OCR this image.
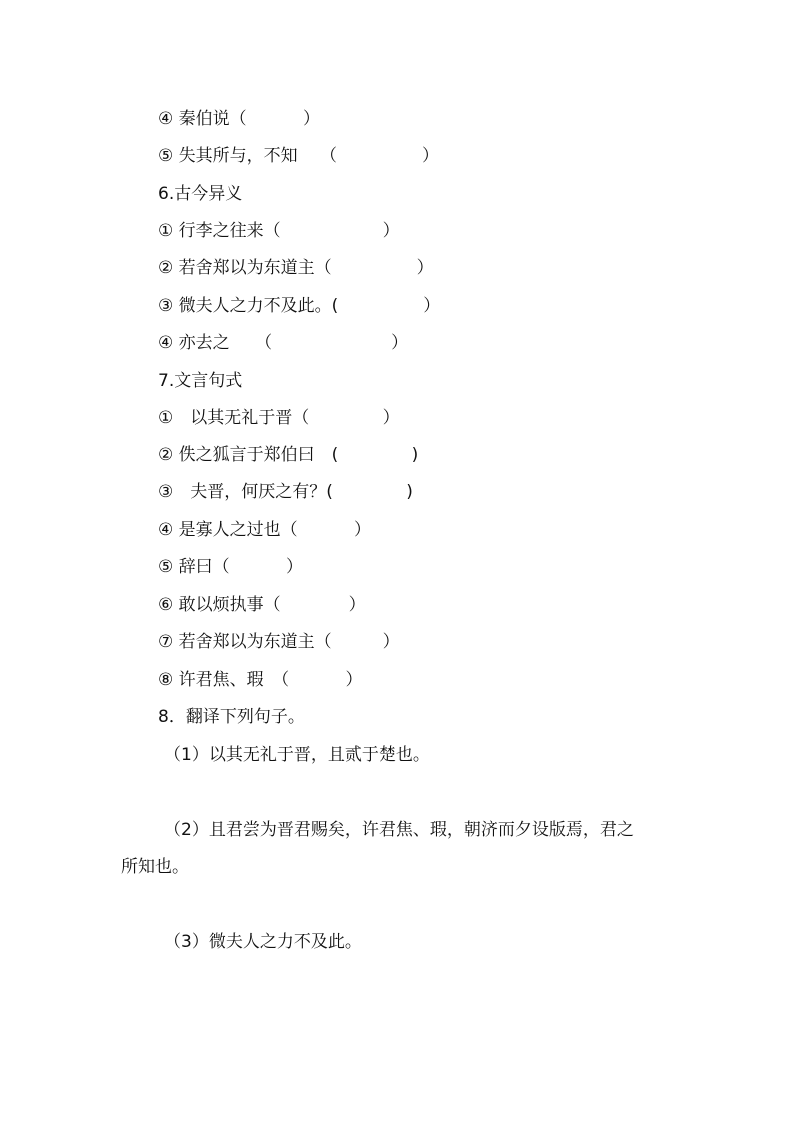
④ 秦伯说（　　　 ）
⑤ 失其所与，不知　 （　　　　　）
6.古今异义
① 行李之往来（　　　　　　）
② 若舍郑以为东道主（　　　　　）
③ 微夫人之力不及此。(　　　　　）
④ 亦去之　　（　　　　　　　）
7.文言句式
①　以其无礼于晋（　　　　 ）
② 佚之狐言于郑伯曰　(　　　　 )
③　夫晋，何厌之有？(　　　　 )
④ 是寡人之过也（　　　 ）
⑤ 辞曰（　　　 ）
⑥ 敢以烦执事（　　　　）
⑦ 若舍郑以为东道主（　　　）
⑧ 许君焦、瑕　（　　　 ）
8．翻译下列句子。
（1）以其无礼于晋，且贰于楚也。
（2）且君尝为晋君赐矣，许君焦、瑕，朝济而夕设版焉，君之
所知也。
（3）微夫人之力不及此。
